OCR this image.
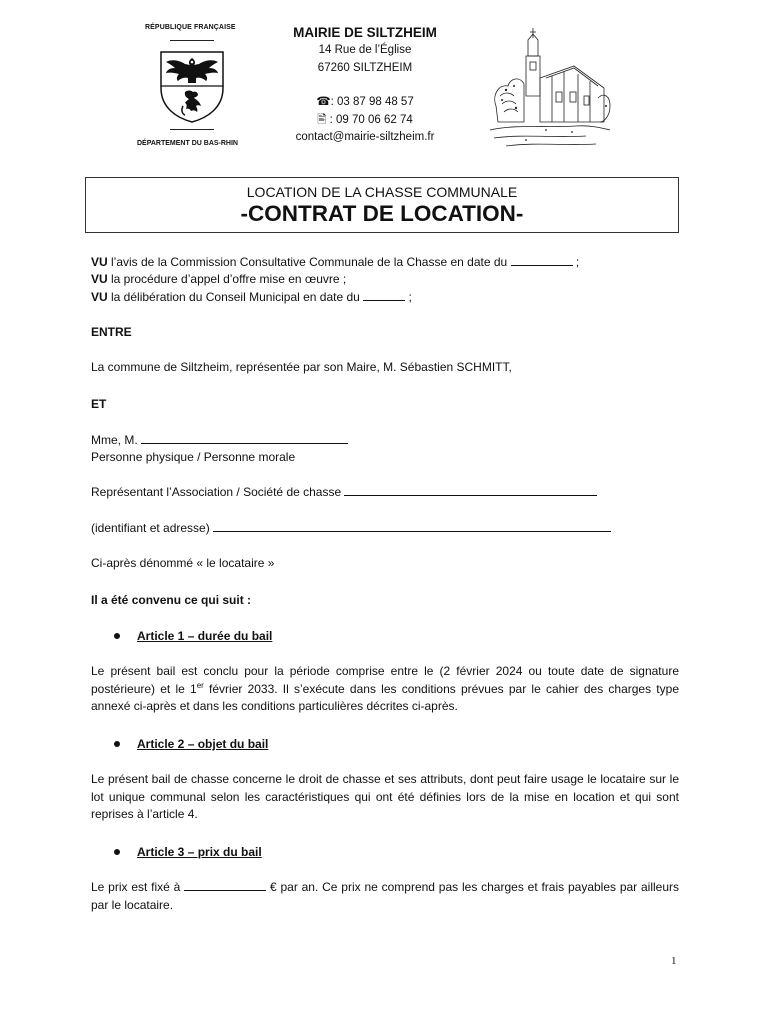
RÉPUBLIQUE FRANÇAISE
DÉPARTEMENT DU BAS-RHIN
MAIRIE DE SILTZHEIM
14 Rue de l’Église
67260 SILTZHEIM
☎: 03 87 98 48 57
🖹 : 09 70 06 62 74
contact@mairie-siltzheim.fr
LOCATION DE LA CHASSE COMMUNALE
-CONTRAT DE LOCATION-
VU l’avis de la Commission Consultative Communale de la Chasse en date du	;
VU la procédure d’appel d’offre mise en œuvre ;
VU la délibération du Conseil Municipal en date du	;
ENTRE
La commune de Siltzheim, représentée par son Maire, M. Sébastien SCHMITT,
ET
Mme, M.
Personne physique / Personne morale
Représentant l’Association / Société de chasse
(identifiant et adresse)
Ci-après dénommé « le locataire »
Il a été convenu ce qui suit :
Article 1 – durée du bail
Le présent bail est conclu pour la période comprise entre le (2 février 2024 ou toute date de signature postérieure) et le 1er février 2033. Il s’exécute dans les conditions prévues par le cahier des charges type annexé ci-après et dans les conditions particulières décrites ci-après.
Article 2 – objet du bail
Le présent bail de chasse concerne le droit de chasse et ses attributs, dont peut faire usage le locataire sur le lot unique communal selon les caractéristiques qui ont été définies lors de la mise en location et qui sont reprises à l’article 4.
Article 3 – prix du bail
Le prix est fixé à	€ par an. Ce prix ne comprend pas les charges et frais payables par ailleurs par le locataire.
1
